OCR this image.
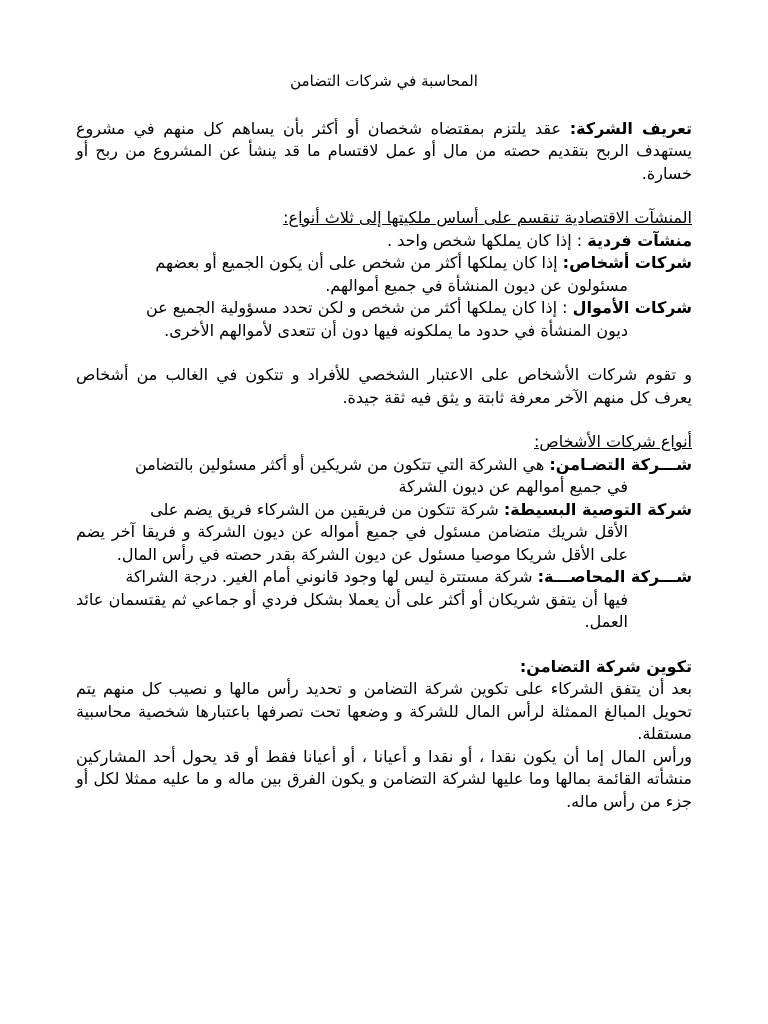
المحاسبة في شركات التضامن

تعريف الشركة: عقد يلتزم بمقتضاه شخصان أو أكثر بأن يساهم كل منهم في مشروع يستهدف الربح بتقديم حصته من مال أو عمل لاقتسام ما قد ينشأ عن المشروع من ربح أو خسارة.

المنشآت الاقتصادية تنقسم على أساس ملكيتها إلى ثلاث أنواع:

منشآت فردية : إذا كان يملكها شخص واحد .

شركات أشخاص: إذا كان يملكها أكثر من شخص على أن يكون الجميع أو بعضهم
مسئولون عن ديون المنشأة في جميع أموالهم.

شركات الأموال : إذا كان يملكها أكثر من شخص و لكن تحدد مسؤولية الجميع عن
ديون المنشأة في حدود ما يملكونه فيها دون أن تتعدى لأموالهم الأخرى.

و تقوم شركات الأشخاص على الاعتبار الشخصي للأفراد و تتكون في الغالب من أشخاص يعرف كل منهم الآخر معرفة ثابتة و يثق فيه ثقة جيدة.

أنواع شركات الأشخاص:

شـــركة التضـامن: هي الشركة التي تتكون من شريكين أو أكثر مسئولين بالتضامن
في جميع أموالهم عن ديون الشركة

شركة التوصية البسيطة: شركة تتكون من فريقين من الشركاء فريق يضم على
الأقل شريك متضامن مسئول في جميع أمواله عن ديون الشركة و فريقا آخر يضم على الأقل شريكا موصيا مسئول عن ديون الشركة بقدر حصته في رأس المال.

شـــركة المحاصـــة: شركة مستترة ليس لها وجود قانوني أمام الغير. درجة الشراكة
فيها أن يتفق شريكان أو أكثر على أن يعملا بشكل فردي أو جماعي ثم يقتسمان عائد العمل.

تكوين شركة التضامن:

بعد أن يتفق الشركاء على تكوين شركة التضامن و تحديد رأس مالها و نصيب كل منهم يتم تحويل المبالغ الممثلة لرأس المال للشركة و وضعها تحت تصرفها باعتبارها شخصية محاسبية مستقلة.

ورأس المال إما أن يكون نقدا ، أو نقدا و أعيانا ، أو أعيانا فقط أو قد يحول أحد المشاركين منشأته القائمة بمالها وما عليها لشركة التضامن و يكون الفرق بين ماله و ما عليه ممثلا لكل أو جزء من رأس ماله.
